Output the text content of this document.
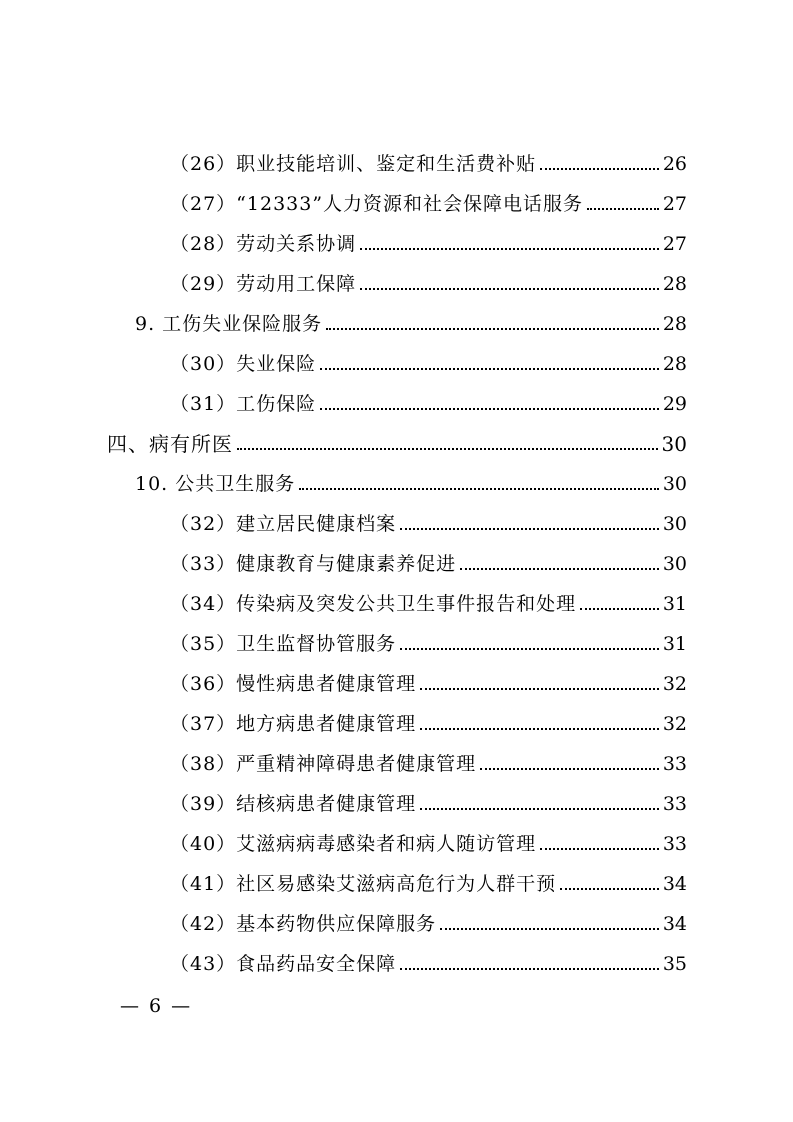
（26）职业技能培训、鉴定和生活费补贴	26
（27）“12333”人力资源和社会保障电话服务	27
（28）劳动关系协调	27
（29）劳动用工保障	28
9. 工伤失业保险服务	28
（30）失业保险	28
（31）工伤保险	29
四、病有所医	30
10. 公共卫生服务	30
（32）建立居民健康档案	30
（33）健康教育与健康素养促进	30
（34）传染病及突发公共卫生事件报告和处理	31
（35）卫生监督协管服务	31
（36）慢性病患者健康管理	32
（37）地方病患者健康管理	32
（38）严重精神障碍患者健康管理	33
（39）结核病患者健康管理	33
（40）艾滋病病毒感染者和病人随访管理	33
（41）社区易感染艾滋病高危行为人群干预	34
（42）基本药物供应保障服务	34
（43）食品药品安全保障	35
— 6 —
